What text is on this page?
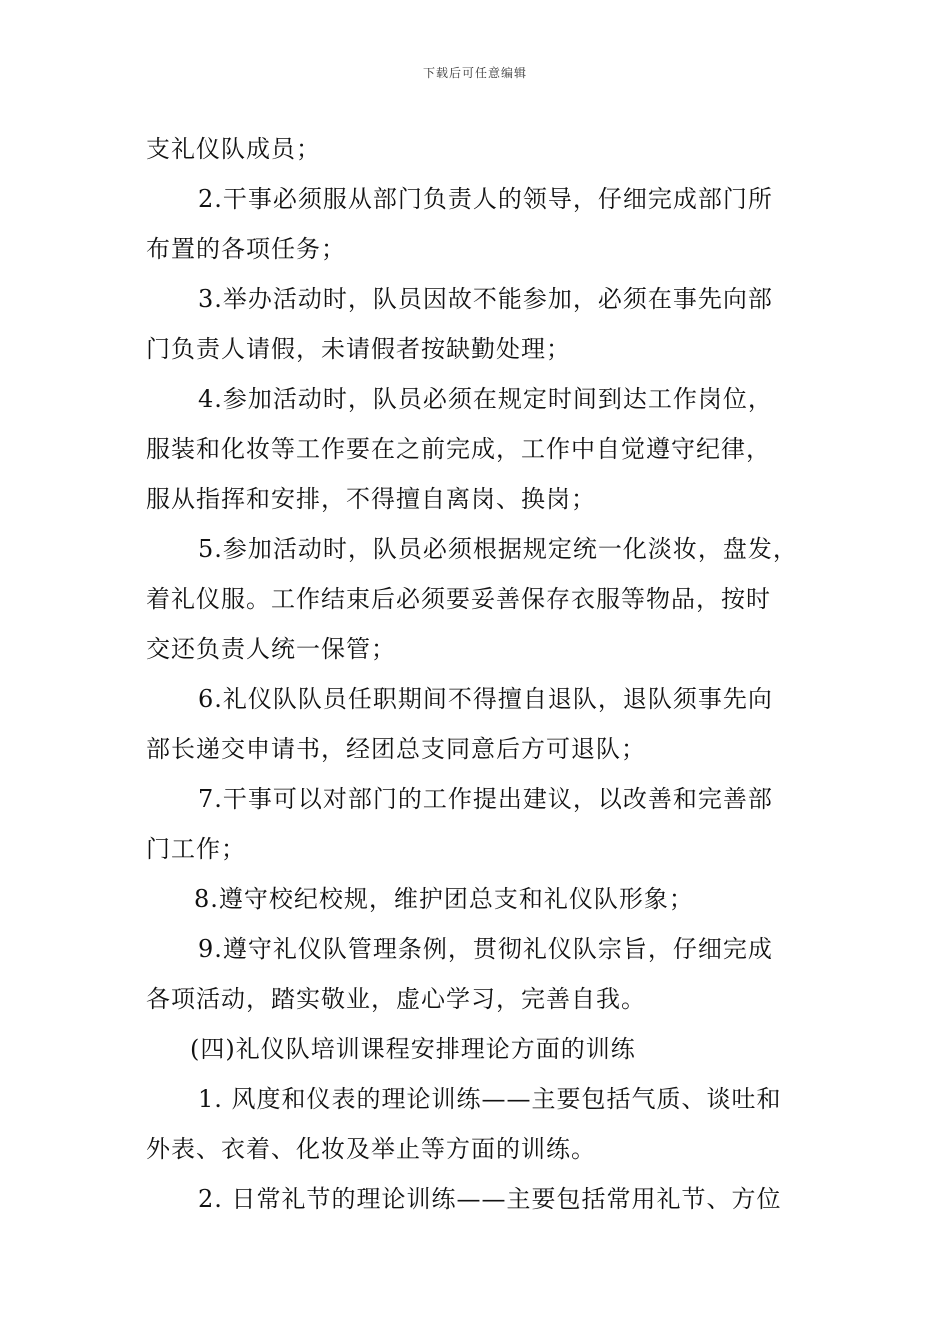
下载后可任意编辑
支礼仪队成员；
2.干事必须服从部门负责人的领导，仔细完成部门所
布置的各项任务；
3.举办活动时，队员因故不能参加，必须在事先向部
门负责人请假，未请假者按缺勤处理；
4.参加活动时，队员必须在规定时间到达工作岗位，
服装和化妆等工作要在之前完成，工作中自觉遵守纪律，
服从指挥和安排，不得擅自离岗、换岗；
5.参加活动时，队员必须根据规定统一化淡妆，盘发，
着礼仪服。工作结束后必须要妥善保存衣服等物品，按时
交还负责人统一保管；
6.礼仪队队员任职期间不得擅自退队，退队须事先向
部长递交申请书，经团总支同意后方可退队；
7.干事可以对部门的工作提出建议，以改善和完善部
门工作；
8.遵守校纪校规，维护团总支和礼仪队形象；
9.遵守礼仪队管理条例，贯彻礼仪队宗旨，仔细完成
各项活动，踏实敬业，虚心学习，完善自我。
(四)礼仪队培训课程安排理论方面的训练
1. 风度和仪表的理论训练——主要包括气质、谈吐和
外表、衣着、化妆及举止等方面的训练。
2. 日常礼节的理论训练——主要包括常用礼节、方位
